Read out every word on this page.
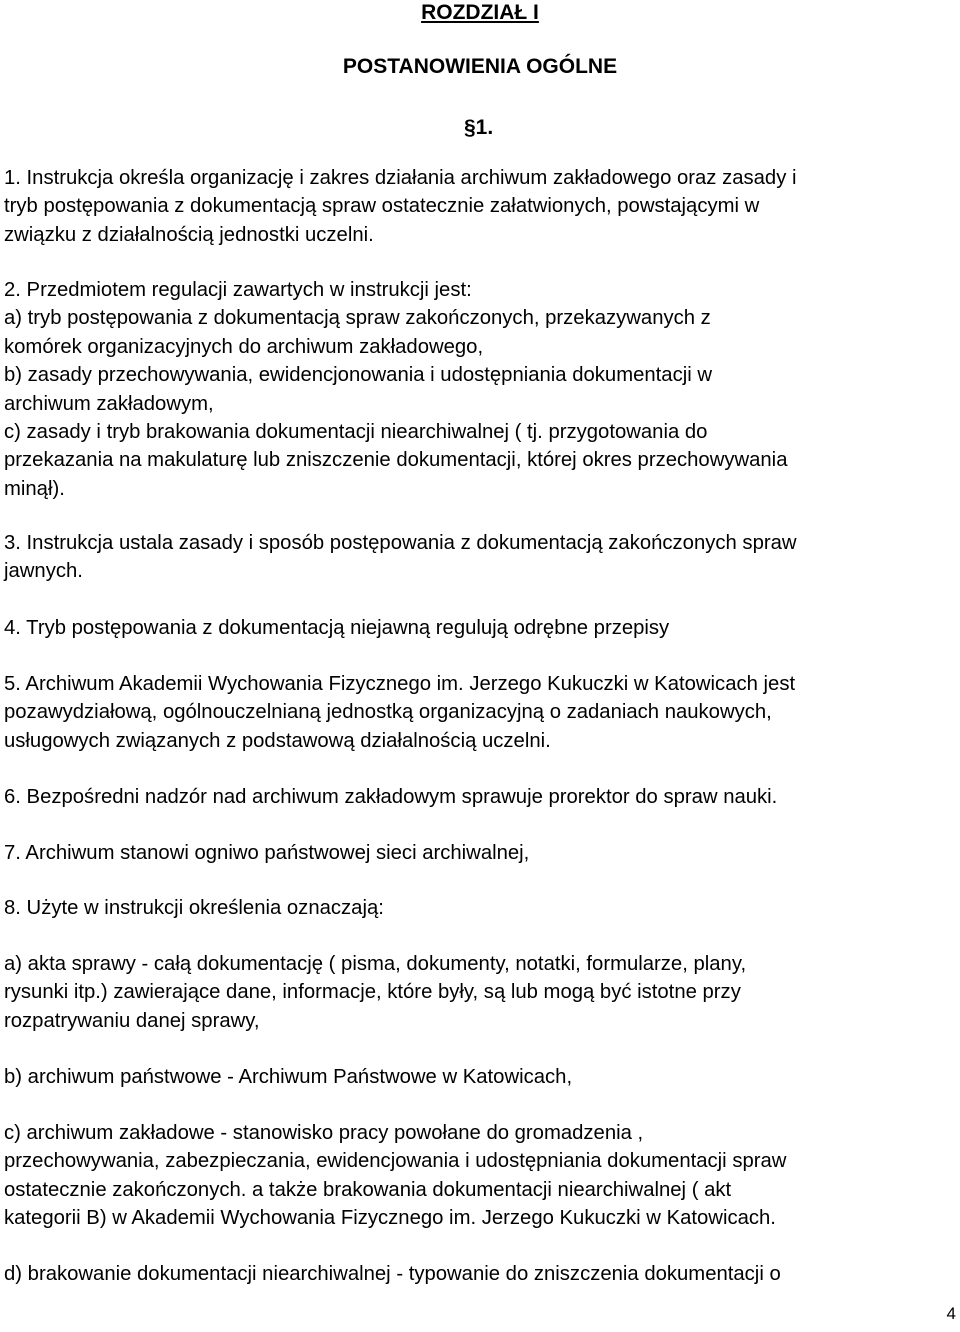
ROZDZIAŁ I
POSTANOWIENIA OGÓLNE
§1.
1. Instrukcja określa organizację i zakres działania archiwum zakładowego oraz zasady i
tryb postępowania z dokumentacją spraw ostatecznie załatwionych, powstającymi w
związku z działalnością jednostki uczelni.
2. Przedmiotem regulacji zawartych w instrukcji jest:
a) tryb postępowania z dokumentacją spraw zakończonych, przekazywanych z
komórek organizacyjnych do archiwum zakładowego,
b) zasady przechowywania, ewidencjonowania i udostępniania dokumentacji w
archiwum zakładowym,
c) zasady i tryb brakowania dokumentacji niearchiwalnej ( tj. przygotowania do
przekazania na makulaturę lub zniszczenie dokumentacji, której okres przechowywania
minął).
3. Instrukcja ustala zasady i sposób postępowania z dokumentacją zakończonych spraw
jawnych.
4. Tryb postępowania z dokumentacją niejawną regulują odrębne przepisy
5. Archiwum Akademii Wychowania Fizycznego im. Jerzego Kukuczki w Katowicach jest
pozawydziałową, ogólnouczelnianą jednostką organizacyjną o zadaniach naukowych,
usługowych związanych z podstawową działalnością uczelni.
6. Bezpośredni nadzór nad archiwum zakładowym sprawuje prorektor do spraw nauki.
7. Archiwum stanowi ogniwo państwowej sieci archiwalnej,
8. Użyte w instrukcji określenia oznaczają:
a) akta sprawy - całą dokumentację ( pisma, dokumenty, notatki, formularze, plany,
rysunki itp.) zawierające dane, informacje, które były, są lub mogą być istotne przy
rozpatrywaniu danej sprawy,
b) archiwum państwowe - Archiwum Państwowe w Katowicach,
c) archiwum zakładowe - stanowisko pracy powołane do gromadzenia ,
przechowywania, zabezpieczania, ewidencjowania i udostępniania dokumentacji spraw
ostatecznie zakończonych. a także brakowania dokumentacji niearchiwalnej ( akt
kategorii B) w Akademii Wychowania Fizycznego im. Jerzego Kukuczki w Katowicach.
d) brakowanie dokumentacji niearchiwalnej - typowanie do zniszczenia dokumentacji o
4
